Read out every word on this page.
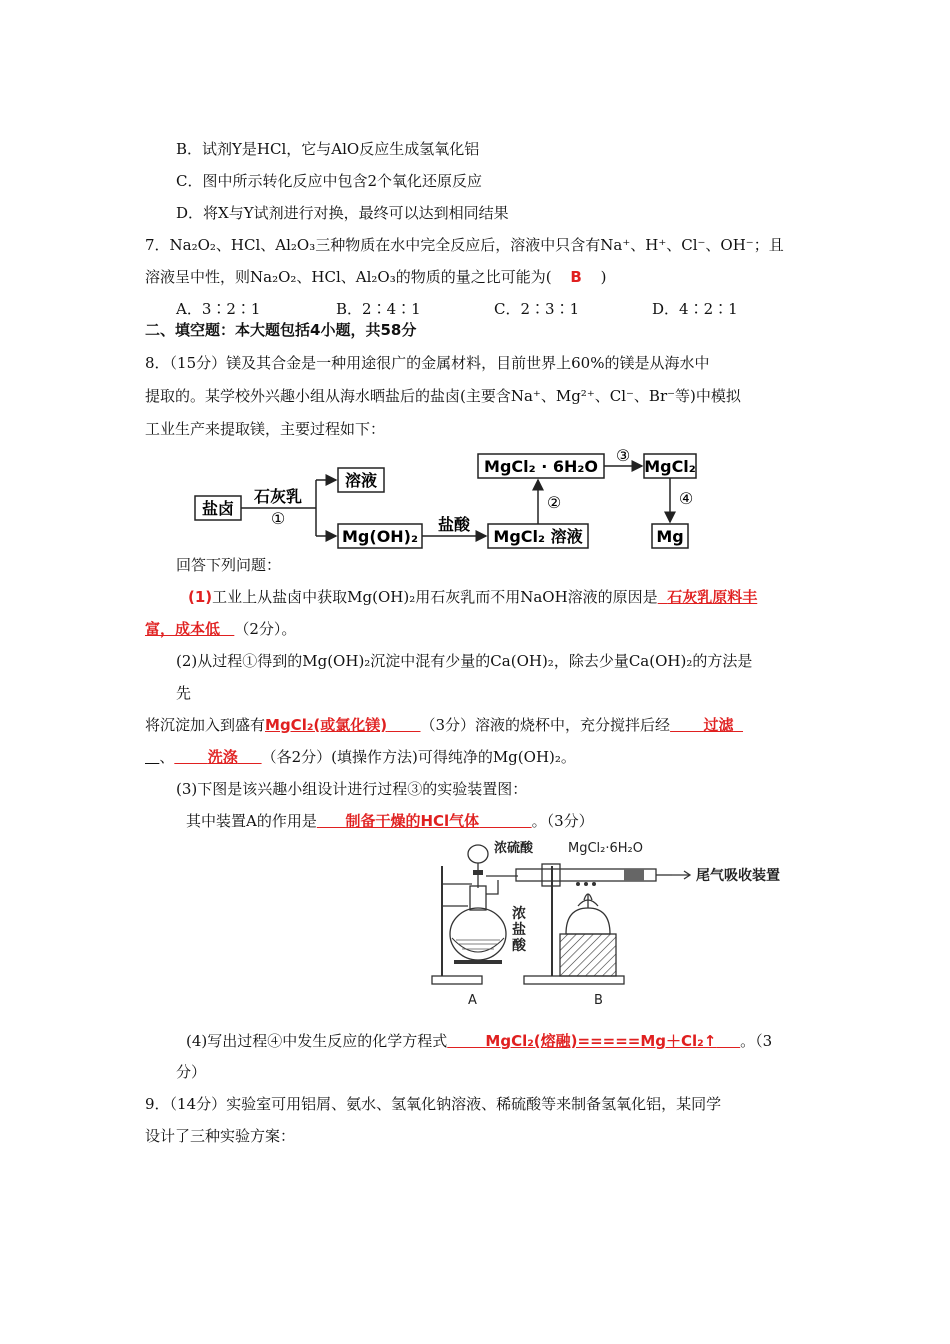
B．试剂Y是HCl，它与AlO反应生成氢氧化铝
C．图中所示转化反应中包含2个氧化还原反应
D．将X与Y试剂进行对换，最终可以达到相同结果
7．Na₂O₂、HCl、Al₂O₃三种物质在水中完全反应后，溶液中只含有Na⁺、H⁺、Cl⁻、OH⁻；且
溶液呈中性，则Na₂O₂、HCl、Al₂O₃的物质的量之比可能为( B )
A．3∶2∶1	B．2∶4∶1	C．2∶3∶1	D．4∶2∶1
二、填空题：本大题包括4小题，共58分
8．（15分）镁及其合金是一种用途很广的金属材料，目前世界上60%的镁是从海水中
提取的。某学校外兴趣小组从海水晒盐后的盐卤(主要含Na⁺、Mg²⁺、Cl⁻、Br⁻等)中模拟
工业生产来提取镁，主要过程如下：
盐卤
溶液
Mg(OH)₂	MgCl₂ 溶液
MgCl₂ · 6H₂O	MgCl₂
Mg
石灰乳
①	盐酸
②
③
④
回答下列问题：
(1)工业上从盐卤中获取Mg(OH)₂用石灰乳而不用NaOH溶液的原因是 石灰乳原料丰
富，成本低 （2分）。
(2)从过程①得到的Mg(OH)₂沉淀中混有少量的Ca(OH)₂，除去少量Ca(OH)₂的方法是
先
将沉淀加入到盛有MgCl₂(或氯化镁) （3分）溶液的烧杯中，充分搅拌后经 过滤
、 洗涤 （各2分）(填操作方法)可得纯净的Mg(OH)₂。
(3)下图是该兴趣小组设计进行过程③的实验装置图：
其中装置A的作用是 制备干燥的HCl气体	。（3分）
浓硫酸	MgCl₂·6H₂O
尾气吸收装置
浓
盐
酸
A	B
(4)写出过程④中发生反应的化学方程式	MgCl₂(熔融)=====Mg＋Cl₂↑ 。（3
分）
9．（14分）实验室可用铝屑、氨水、氢氧化钠溶液、稀硫酸等来制备氢氧化铝，某同学
设计了三种实验方案：
